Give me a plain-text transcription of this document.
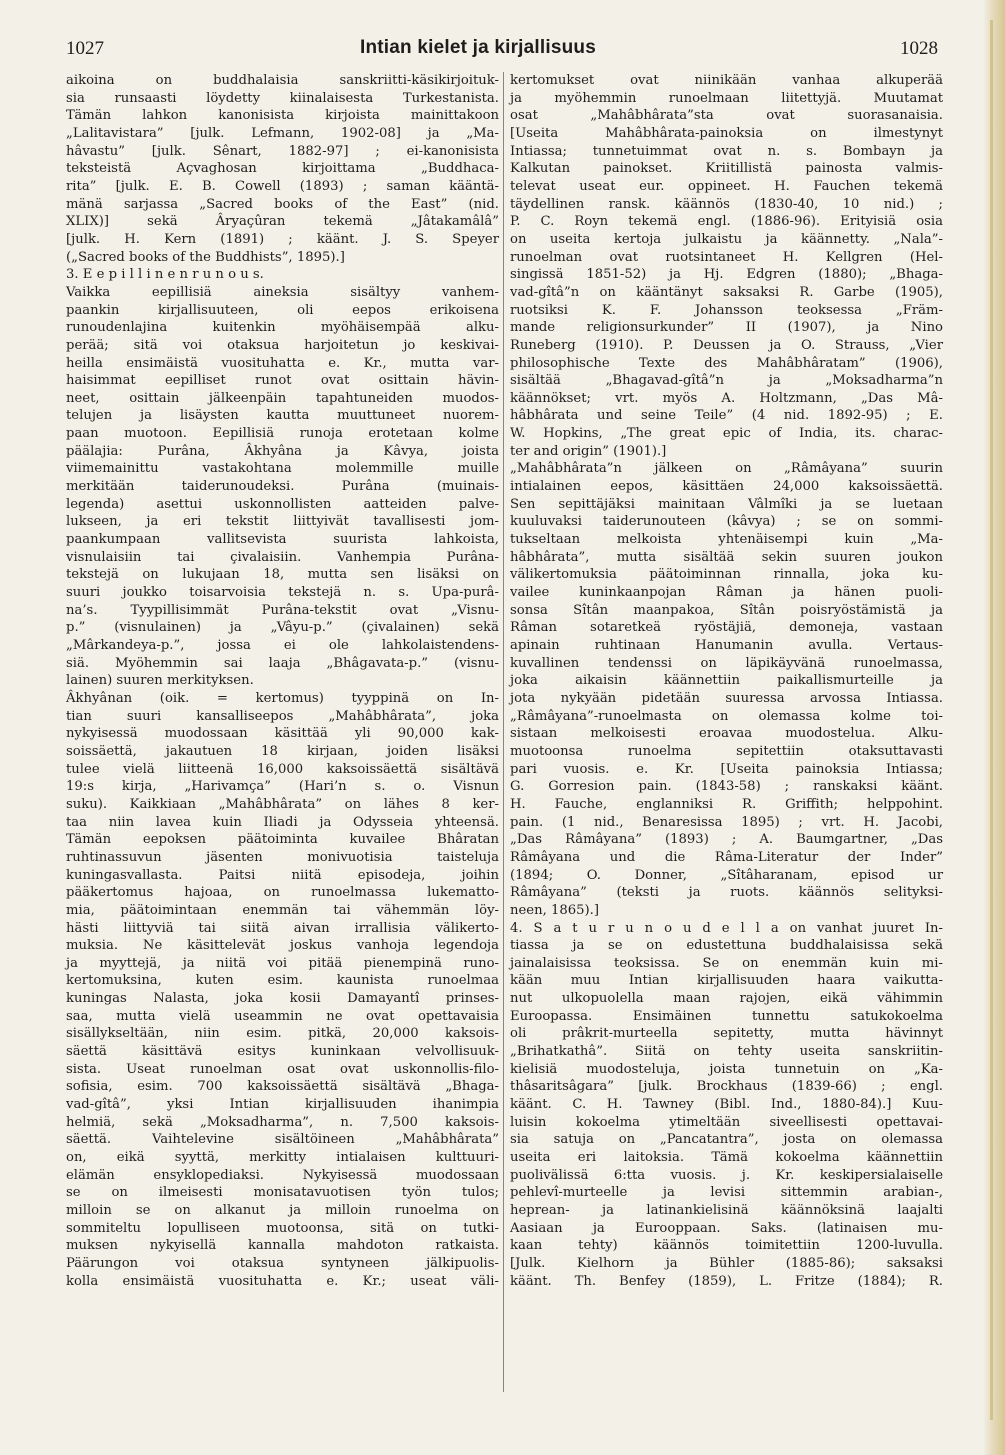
1027	Intian kielet ja kirjallisuus	1028

aikoina on buddhalaisia sanskriitti-käsikirjoituk-

sia runsaasti löydetty kiinalaisesta Turkestanista.

Tämän lahkon kanonisista kirjoista mainittakoon

„Lalitavistara” [julk. Lefmann, 1902-08] ja „Ma-

hâvastu” [julk. Sênart, 1882-97] ; ei-kanonisista

teksteistä Açvaghosan kirjoittama „Buddhaca-

rita” [julk. E. B. Cowell (1893) ; saman kääntä-

mänä sarjassa „Sacred books of the East” (nid.

XLIX)] sekä Âryaçûran tekemä „Jâtakamâlâ”

[julk. H. Kern (1891) ; käänt. J. S. Speyer

(„Sacred books of the Buddhists”, 1895).]

3. E e p i l l i n e n r u n o u s.

Vaikka eepillisiä aineksia sisältyy vanhem-

paankin kirjallisuuteen, oli eepos erikoisena

runoudenlajina kuitenkin myöhäisempää alku-

perää; sitä voi otaksua harjoitetun jo keskivai-

heilla ensimäistä vuosituhatta e. Kr., mutta var-

haisimmat eepilliset runot ovat osittain hävin-

neet, osittain jälkeenpäin tapahtuneiden muodos-

telujen ja lisäysten kautta muuttuneet nuorem-

paan muotoon. Eepillisiä runoja erotetaan kolme

päälajia: Purâna, Âkhyâna ja Kâvya, joista

viimemainittu vastakohtana molemmille muille

merkitään taiderunoudeksi. Purâna (muinais-

legenda) asettui uskonnollisten aatteiden palve-

lukseen, ja eri tekstit liittyivät tavallisesti jom-

paankumpaan vallitsevista suurista lahkoista,

visnulaisiin tai çivalaisiin. Vanhempia Purâna-

tekstejä on lukujaan 18, mutta sen lisäksi on

suuri joukko toisarvoisia tekstejä n. s. Upa-purâ-

na’s. Tyypillisimmät Purâna-tekstit ovat „Visnu-

p.” (visnulainen) ja „Vâyu-p.” (çivalainen) sekä

„Mârkandeya-p.”, jossa ei ole lahkolaistendens-

siä. Myöhemmin sai laaja „Bhâgavata-p.” (visnu-

lainen) suuren merkityksen.

Âkhyânan (oik. = kertomus) tyyppinä on In-

tian suuri kansalliseepos „Mahâbhârata”, joka

nykyisessä muodossaan käsittää yli 90,000 kak-

soissäettä, jakautuen 18 kirjaan, joiden lisäksi

tulee vielä liitteenä 16,000 kaksoissäettä sisältävä

19:s kirja, „Harivamça” (Hari’n s. o. Visnun

suku). Kaikkiaan „Mahâbhârata” on lähes 8 ker-

taa niin lavea kuin Iliadi ja Odysseia yhteensä.

Tämän eepoksen päätoiminta kuvailee Bhâratan

ruhtinassuvun jäsenten monivuotisia taisteluja

kuningasvallasta. Paitsi niitä episodeja, joihin

pääkertomus hajoaa, on runoelmassa lukematto-

mia, päätoimintaan enemmän tai vähemmän löy-

hästi liittyviä tai siitä aivan irrallisia välikerto-

muksia. Ne käsittelevät joskus vanhoja legendoja

ja myyttejä, ja niitä voi pitää pienempinä runo-

kertomuksina, kuten esim. kaunista runoelmaa

kuningas Nalasta, joka kosii Damayantî prinses-

saa, mutta vielä useammin ne ovat opettavaisia

sisällykseltään, niin esim. pitkä, 20,000 kaksois-

säettä käsittävä esitys kuninkaan velvollisuuk-

sista. Useat runoelman osat ovat uskonnollis-filo-

sofisia, esim. 700 kaksoissäettä sisältävä „Bhaga-

vad-gîtâ”, yksi Intian kirjallisuuden ihanimpia

helmiä, sekä „Moksadharma”, n. 7,500 kaksois-

säettä. Vaihtelevine sisältöineen „Mahâbhârata”

on, eikä syyttä, merkitty intialaisen kulttuuri-

elämän ensyklopediaksi. Nykyisessä muodossaan

se on ilmeisesti monisatavuotisen työn tulos;

milloin se on alkanut ja milloin runoelma on

sommiteltu lopulliseen muotoonsa, sitä on tutki-

muksen nykyisellä kannalla mahdoton ratkaista.

Päärungon voi otaksua syntyneen jälkipuolis-

kolla ensimäistä vuosituhatta e. Kr.; useat väli-

kertomukset ovat niinikään vanhaa alkuperää

ja myöhemmin runoelmaan liitettyjä. Muutamat

osat „Mahâbhârata”sta ovat suorasanaisia.

[Useita Mahâbhârata-painoksia on ilmestynyt

Intiassa; tunnetuimmat ovat n. s. Bombayn ja

Kalkutan painokset. Kriitillistä painosta valmis-

televat useat eur. oppineet. H. Fauchen tekemä

täydellinen ransk. käännös (1830-40, 10 nid.) ;

P. C. Royn tekemä engl. (1886-96). Erityisiä osia

on useita kertoja julkaistu ja käännetty. „Nala”-

runoelman ovat ruotsintaneet H. Kellgren (Hel-

singissä 1851-52) ja Hj. Edgren (1880); „Bhaga-

vad-gîtâ”n on kääntänyt saksaksi R. Garbe (1905),

ruotsiksi K. F. Johansson teoksessa „Främ-

mande religionsurkunder” II (1907), ja Nino

Runeberg (1910). P. Deussen ja O. Strauss, „Vier

philosophische Texte des Mahâbhâratam” (1906),

sisältää „Bhagavad-gîtâ”n ja „Moksadharma”n

käännökset; vrt. myös A. Holtzmann, „Das Mâ-

hâbhârata und seine Teile” (4 nid. 1892-95) ; E.

W. Hopkins, „The great epic of India, its. charac-

ter and origin” (1901).]

„Mahâbhârata”n jälkeen on „Râmâyana” suurin

intialainen eepos, käsittäen 24,000 kaksoissäettä.

Sen sepittäjäksi mainitaan Vâlmîki ja se luetaan

kuuluvaksi taiderunouteen (kâvya) ; se on sommi-

tukseltaan melkoista yhtenäisempi kuin „Ma-

hâbhârata”, mutta sisältää sekin suuren joukon

välikertomuksia päätoiminnan rinnalla, joka ku-

vailee kuninkaanpojan Râman ja hänen puoli-

sonsa Sîtân maanpakoa, Sîtân poisryöstämistä ja

Râman sotaretkeä ryöstäjiä, demoneja, vastaan

apinain ruhtinaan Hanumanin avulla. Vertaus-

kuvallinen tendenssi on läpikäyvänä runoelmassa,

joka aikaisin käännettiin paikallismurteille ja

jota nykyään pidetään suuressa arvossa Intiassa.

„Râmâyana”-runoelmasta on olemassa kolme toi-

sistaan melkoisesti eroavaa muodostelua. Alku-

muotoonsa runoelma sepitettiin otaksuttavasti

pari vuosis. e. Kr. [Useita painoksia Intiassa;

G. Gorresion pain. (1843-58) ; ranskaksi käänt.

H. Fauche, englanniksi R. Griffith; helppohint.

pain. (1 nid., Benaresissa 1895) ; vrt. H. Jacobi,

„Das Râmâyana” (1893) ; A. Baumgartner, „Das

Râmâyana und die Râma-Literatur der Inder”

(1894; O. Donner, „Sîtâharanam, episod ur

Râmâyana” (teksti ja ruots. käännös selityksi-

neen, 1865).]

4. S a t u r u n o u d e l l a on vanhat juuret In-

tiassa ja se on edustettuna buddhalaisissa sekä

jainalaisissa teoksissa. Se on enemmän kuin mi-

kään muu Intian kirjallisuuden haara vaikutta-

nut ulkopuolella maan rajojen, eikä vähimmin

Euroopassa. Ensimäinen tunnettu satukokoelma

oli prâkrit-murteella sepitetty, mutta hävinnyt

„Brihatkathâ”. Siitä on tehty useita sanskriitin-

kielisiä muodosteluja, joista tunnetuin on „Ka-

thâsaritsâgara” [julk. Brockhaus (1839-66) ; engl.

käänt. C. H. Tawney (Bibl. Ind., 1880-84).] Kuu-

luisin kokoelma ytimeltään siveellisesti opettavai-

sia satuja on „Pancatantra”, josta on olemassa

useita eri laitoksia. Tämä kokoelma käännettiin

puolivälissä 6:tta vuosis. j. Kr. keskipersialaiselle

pehlevî-murteelle ja levisi sittemmin arabian-,

heprean- ja latinankielisinä käännöksinä laajalti

Aasiaan ja Eurooppaan. Saks. (latinaisen mu-

kaan tehty) käännös toimitettiin 1200-luvulla.

[Julk. Kielhorn ja Bühler (1885-86); saksaksi

käänt. Th. Benfey (1859), L. Fritze (1884); R.
